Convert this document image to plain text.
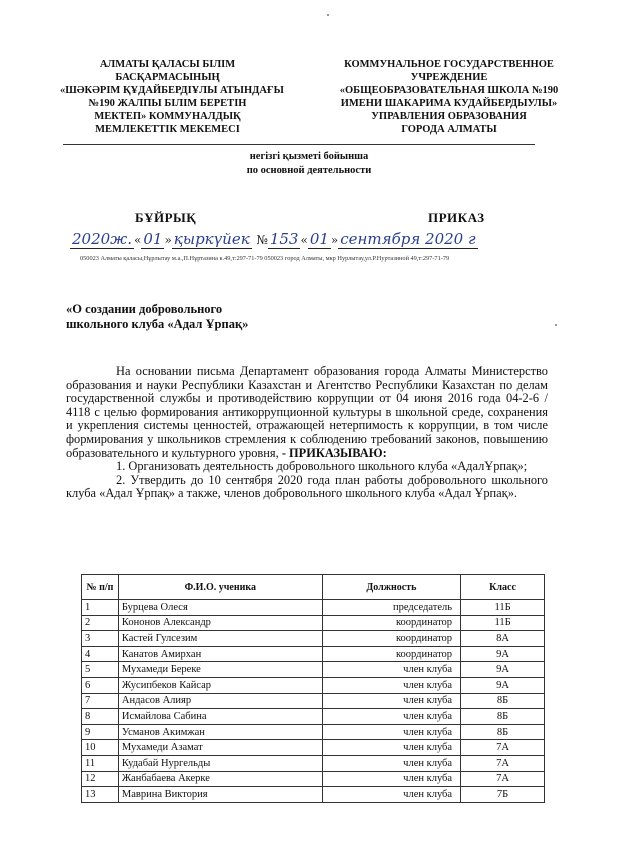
АЛМАТЫ ҚАЛАСЫ БІЛІМ
БАСҚАРМАСЫНЫҢ
«ШӘКӘРІМ ҚҰДАЙБЕРДІҰЛЫ АТЫНДАҒЫ
№190 ЖАЛПЫ БІЛІМ БЕРЕТІН
МЕКТЕП» КОММУНАЛДЫҚ
МЕМЛЕКЕТТІК МЕКЕМЕСІ
КОММУНАЛЬНОЕ ГОСУДАРСТВЕННОЕ
УЧРЕЖДЕНИЕ
«ОБЩЕОБРАЗОВАТЕЛЬНАЯ ШКОЛА №190
ИМЕНИ ШАКАРИМА КУДАЙБЕРДЫУЛЫ»
УПРАВЛЕНИЯ ОБРАЗОВАНИЯ
ГОРОДА АЛМАТЫ
негізгі қызметі бойынша
по основной деятельности
БҰЙРЫҚ	ПРИКАЗ
2020ж. « 01 » қыркүйек № 153 « 01 » сентября 2020 г
050023 Алматы қаласы,Нұрлытау м.а.,П.Нұртазина к.49,т:297-71-79 050023 город Алматы, мкр Нурлытау,ул.Р.Нуртазиной 49,т:297-71-79
«О создании добровольного
школьного клуба «Адал Ұрпақ»

На основании письма Департамент образования города Алматы Министерство образования и науки Республики Казахстан и Агентство Республики Казахстан по делам государственной службы и противодействию коррупции от 04 июня 2016 года 04-2-6 / 4118 с целью формирования антикоррупционной культуры в школьной среде, сохранения и укрепления системы ценностей, отражающей нетерпимость к коррупции, в том числе формирования у школьников стремления к соблюдению требований законов, повышению образовательного и культурного уровня, - ПРИКАЗЫВАЮ:

1. Организовать деятельность добровольного школьного клуба «АдалҰрпақ»;

2. Утвердить до 10 сентября 2020 года план работы добровольного школьного клуба «Адал Ұрпақ» а также, членов добровольного школьного клуба «Адал Ұрпақ».

№ п/п	Ф.И.О. ученика	Должность	Класс
1	Бурцева Олеся	председатель	11Б
2	Кононов Александр	координатор	11Б
3	Кастей Гулсезим	координатор	8А
4	Канатов Амирхан	координатор	9А
5	Мухамеди Береке	член клуба	9А
6	Жусипбеков Кайсар	член клуба	9А
7	Андасов Алияр	член клуба	8Б
8	Исмайлова Сабина	член клуба	8Б
9	Усманов Акимжан	член клуба	8Б
10	Мухамеди Азамат	член клуба	7А
11	Кудабай Нургельды	член клуба	7А
12	Жанбабаева Акерке	член клуба	7А
13	Маврина Виктория	член клуба	7Б
